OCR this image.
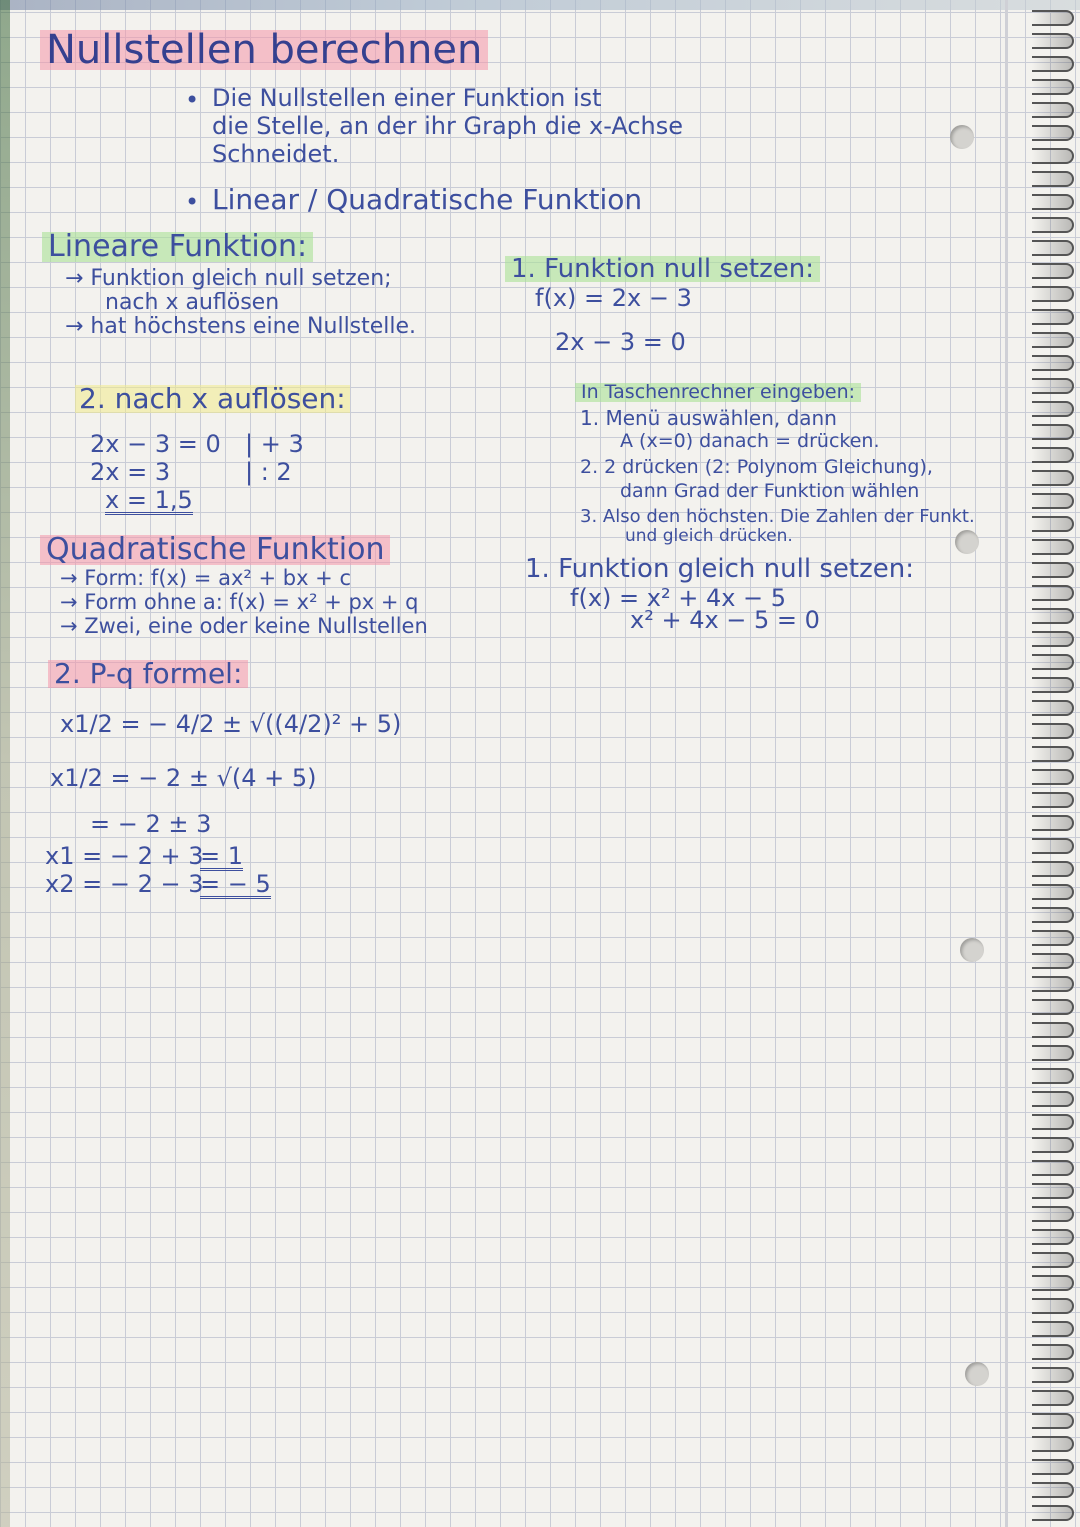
Nullstellen berechnen
• Die Nullstellen einer Funktion ist
die Stelle, an der ihr Graph die x-Achse
Schneidet.
• Linear / Quadratische Funktion
Lineare Funktion:
→ Funktion gleich null setzen;
nach x auflösen
→ hat höchstens eine Nullstelle.
1. Funktion null setzen:
f(x) = 2x − 3
2x − 3 = 0
2. nach x auflösen:
2x − 3 = 0 | + 3
2x = 3	| : 2
x = 1,5
In Taschenrechner eingeben:
1. Menü auswählen, dann
A (x=0) danach = drücken.
2. 2 drücken (2: Polynom Gleichung),
dann Grad der Funktion wählen
3. Also den höchsten. Die Zahlen der Funkt.
und gleich drücken.
Quadratische Funktion
→ Form: f(x) = ax² + bx + c
→ Form ohne a: f(x) = x² + px + q
→ Zwei, eine oder keine Nullstellen
1. Funktion gleich null setzen:
f(x) = x² + 4x − 5
x² + 4x − 5 = 0
2. P-q formel:
x1/2 = − 4/2 ± √((4/2)² + 5)
x1/2 = − 2 ± √(4 + 5)
= − 2 ± 3
x1 = − 2 + 3
= 1
x2 = − 2 − 3
= − 5
